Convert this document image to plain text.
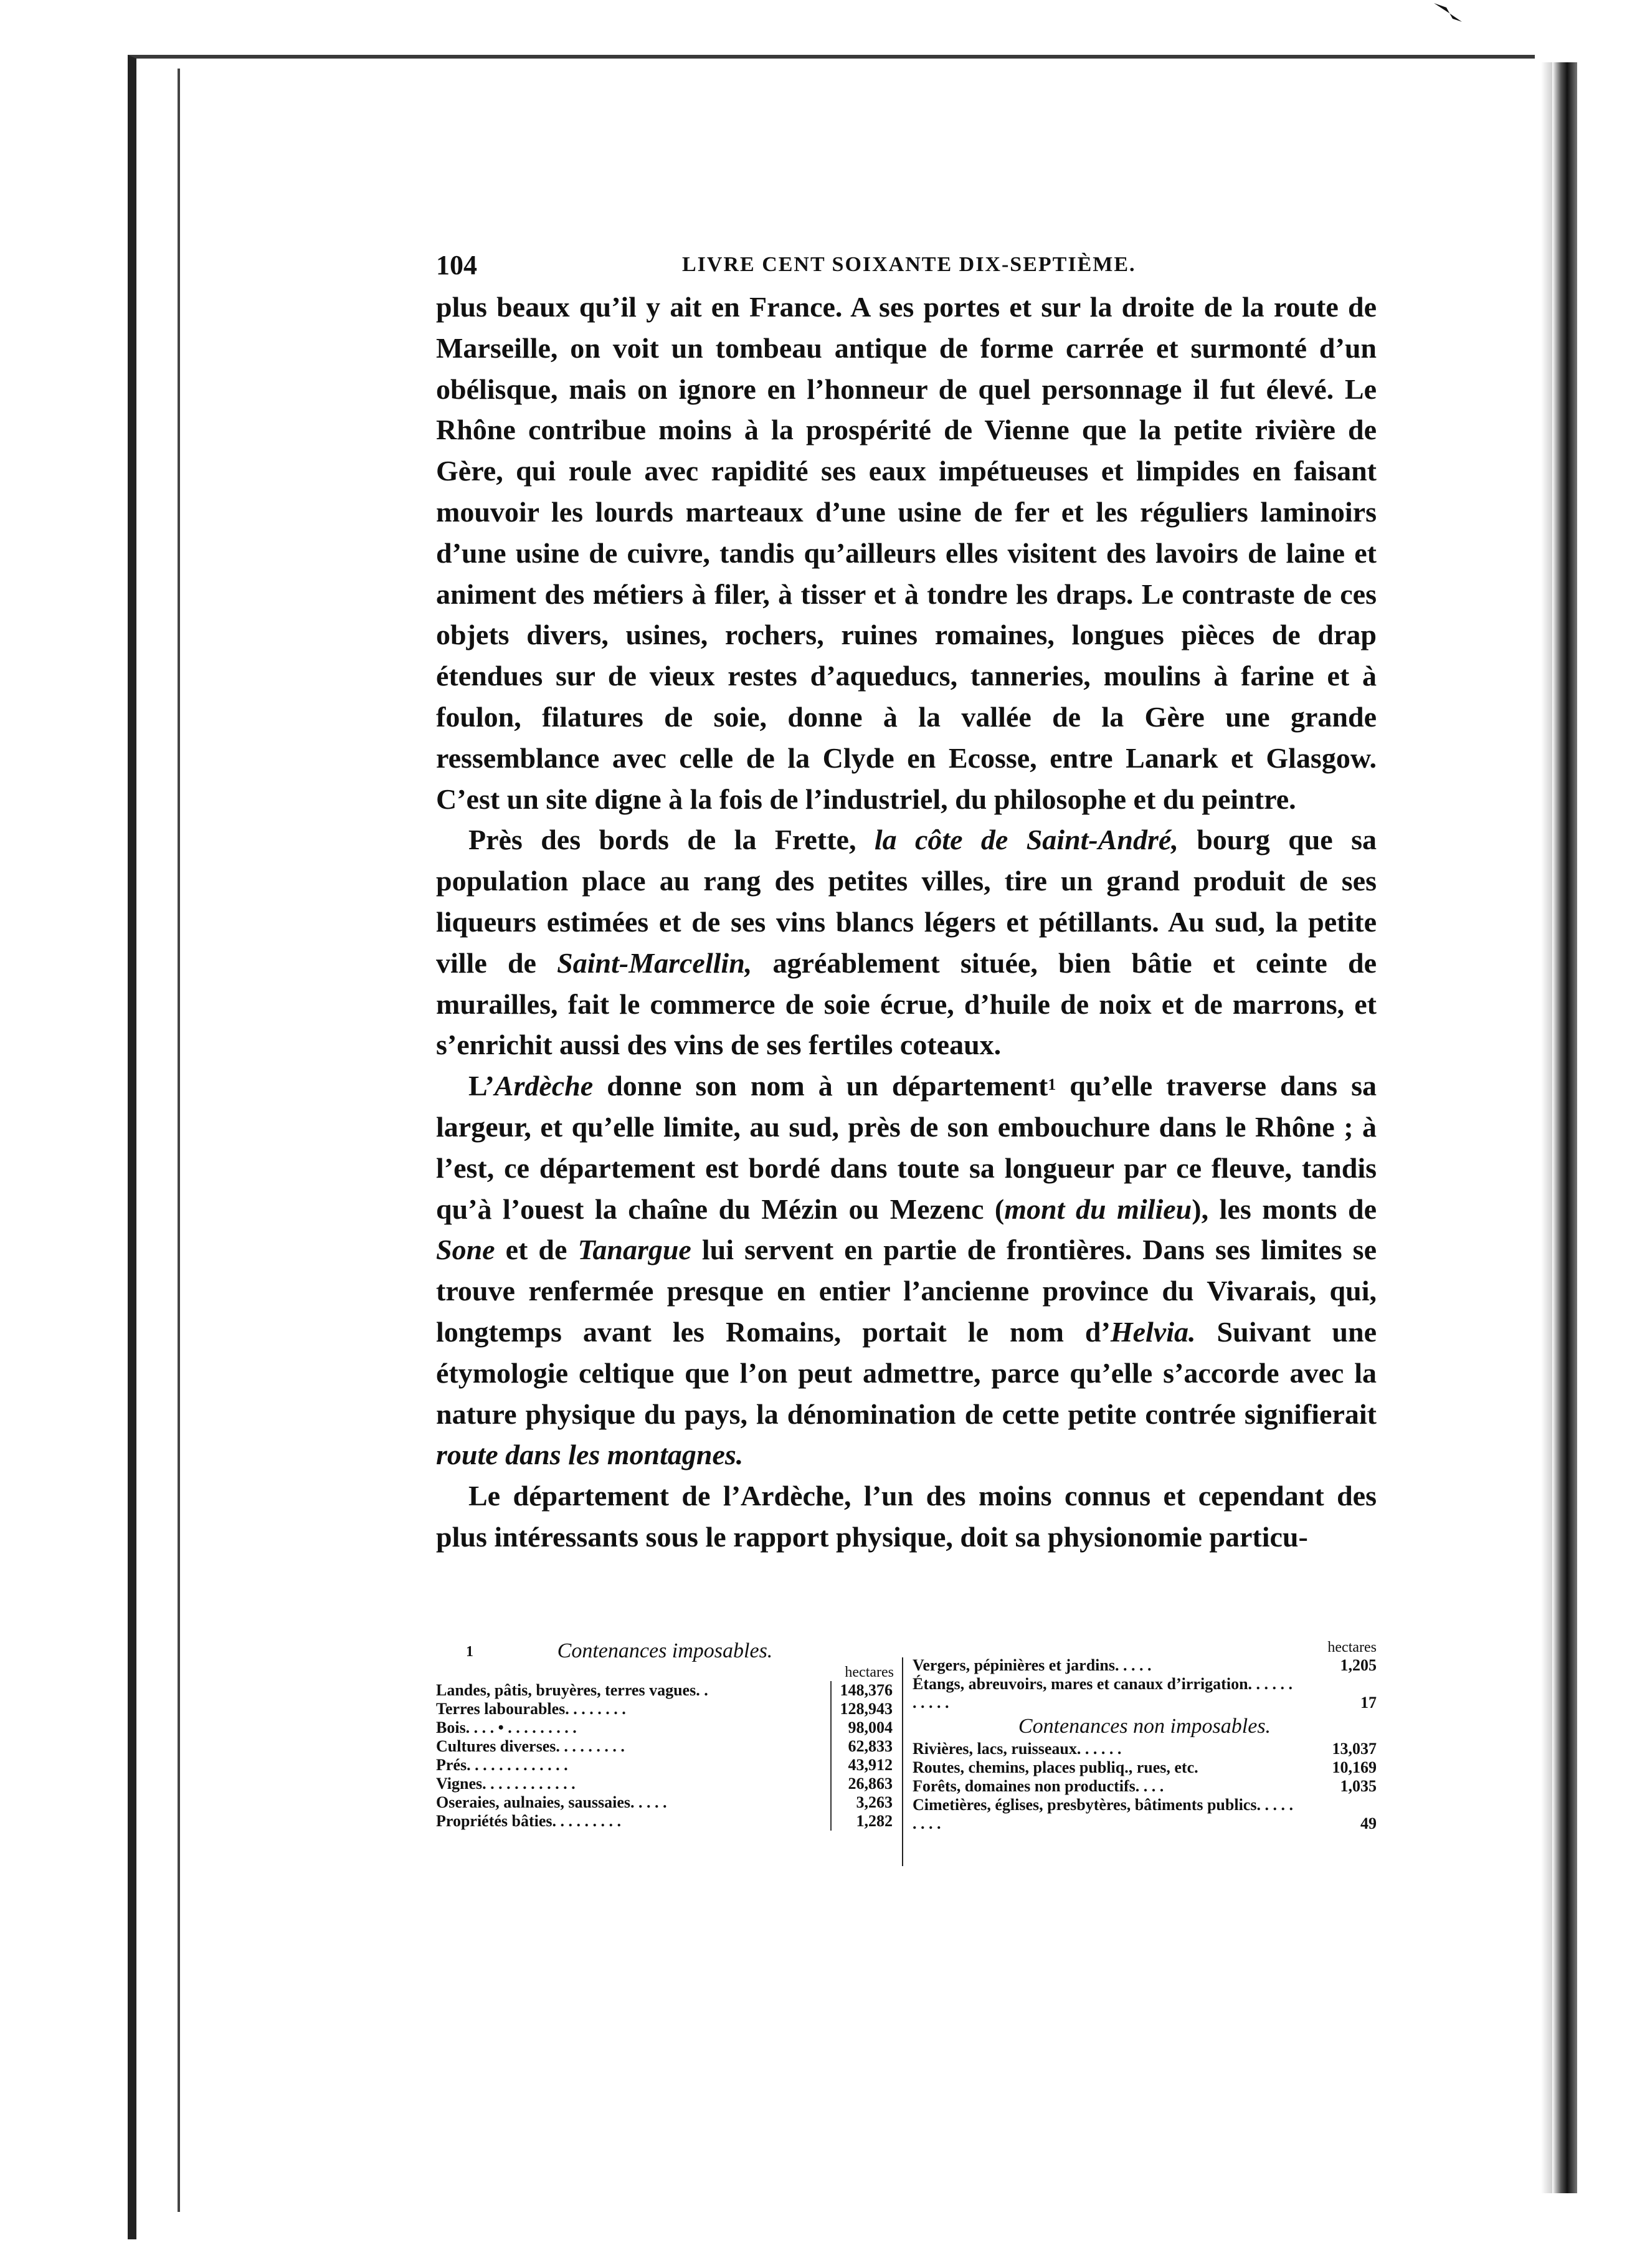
104	LIVRE CENT SOIXANTE DIX-SEPTIÈME.

plus beaux qu’il y ait en France. A ses portes et sur la droite de la route de Marseille, on voit un tombeau antique de forme carrée et surmonté d’un obélisque, mais on ignore en l’honneur de quel personnage il fut élevé. Le Rhône contribue moins à la prospérité de Vienne que la petite rivière de Gère, qui roule avec rapidité ses eaux impétueuses et limpides en faisant mouvoir les lourds marteaux d’une usine de fer et les réguliers laminoirs d’une usine de cuivre, tandis qu’ailleurs elles visitent des lavoirs de laine et animent des métiers à filer, à tisser et à tondre les draps. Le contraste de ces objets divers, usines, rochers, ruines romaines, longues pièces de drap étendues sur de vieux restes d’aqueducs, tanneries, moulins à farine et à foulon, filatures de soie, donne à la vallée de la Gère une grande ressemblance avec celle de la Clyde en Ecosse, entre Lanark et Glasgow. C’est un site digne à la fois de l’industriel, du philosophe et du peintre.

Près des bords de la Frette, la côte de Saint-André, bourg que sa population place au rang des petites villes, tire un grand produit de ses liqueurs estimées et de ses vins blancs légers et pétillants. Au sud, la petite ville de Saint-Marcellin, agréablement située, bien bâtie et ceinte de murailles, fait le commerce de soie écrue, d’huile de noix et de marrons, et s’enrichit aussi des vins de ses fertiles coteaux.

L’Ardèche donne son nom à un département$^1$ qu’elle traverse dans sa largeur, et qu’elle limite, au sud, près de son embouchure dans le Rhône ; à l’est, ce département est bordé dans toute sa longueur par ce fleuve, tandis qu’à l’ouest la chaîne du Mézin ou Mezenc (mont du milieu), les monts de Sone et de Tanargue lui servent en partie de frontières. Dans ses limites se trouve renfermée presque en entier l’ancienne province du Vivarais, qui, longtemps avant les Romains, portait le nom d’Helvia. Suivant une étymologie celtique que l’on peut admettre, parce qu’elle s’accorde avec la nature physique du pays, la dénomination de cette petite contrée signifierait route dans les montagnes.

Le département de l’Ardèche, l’un des moins connus et cependant des plus intéressants sous le rapport physique, doit sa physionomie particu-

1	Contenances imposables.
hectares
Landes, pâtis, bruyères, terres vagues. .	148,376
Terres labourables. . . . . . . .	128,943
Bois. . . . • . . . . . . . . .	98,004
Cultures diverses. . . . . . . . .	62,833
Prés. . . . . . . . . . . . .	43,912
Vignes. . . . . . . . . . . .	26,863
Oseraies, aulnaies, saussaies. . . . .	3,263
Propriétés bâties. . . . . . . . .	1,282
hectares
Vergers, pépinières et jardins. . . . .	1,205
Étangs, abreuvoirs, mares et canaux d’irrigation. . . . . . . . . . .	17
Contenances non imposables.
Rivières, lacs, ruisseaux. . . . . .	13,037
Routes, chemins, places publiq., rues, etc.	10,169
Forêts, domaines non productifs. . . .	1,035
Cimetières, églises, presbytères, bâtiments publics. . . . . . . . .	49
